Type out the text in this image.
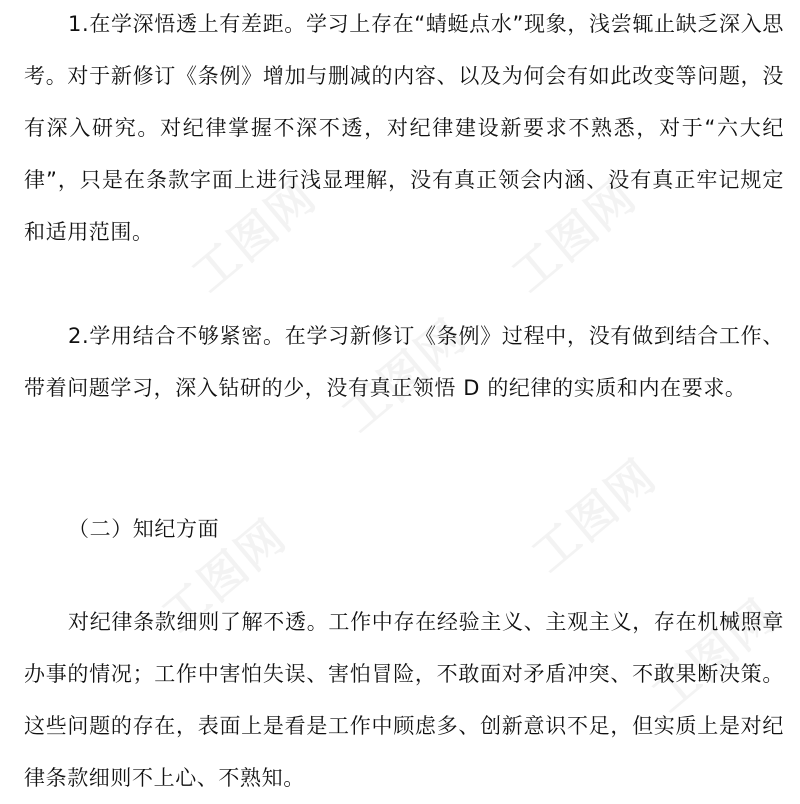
1.在学深悟透上有差距。学习上存在“蜻蜓点水”现象，浅尝辄止缺乏深入思考。对于新修订《条例》增加与删减的内容、以及为何会有如此改变等问题，没有深入研究。对纪律掌握不深不透，对纪律建设新要求不熟悉，对于“六大纪律”，只是在条款字面上进行浅显理解，没有真正领会内涵、没有真正牢记规定和适用范围。

2.学用结合不够紧密。在学习新修订《条例》过程中，没有做到结合工作、带着问题学习，深入钻研的少，没有真正领悟 D 的纪律的实质和内在要求。

（二）知纪方面

对纪律条款细则了解不透。工作中存在经验主义、主观主义，存在机械照章办事的情况；工作中害怕失误、害怕冒险，不敢面对矛盾冲突、不敢果断决策。这些问题的存在，表面上是看是工作中顾虑多、创新意识不足，但实质上是对纪律条款细则不上心、不熟知。
